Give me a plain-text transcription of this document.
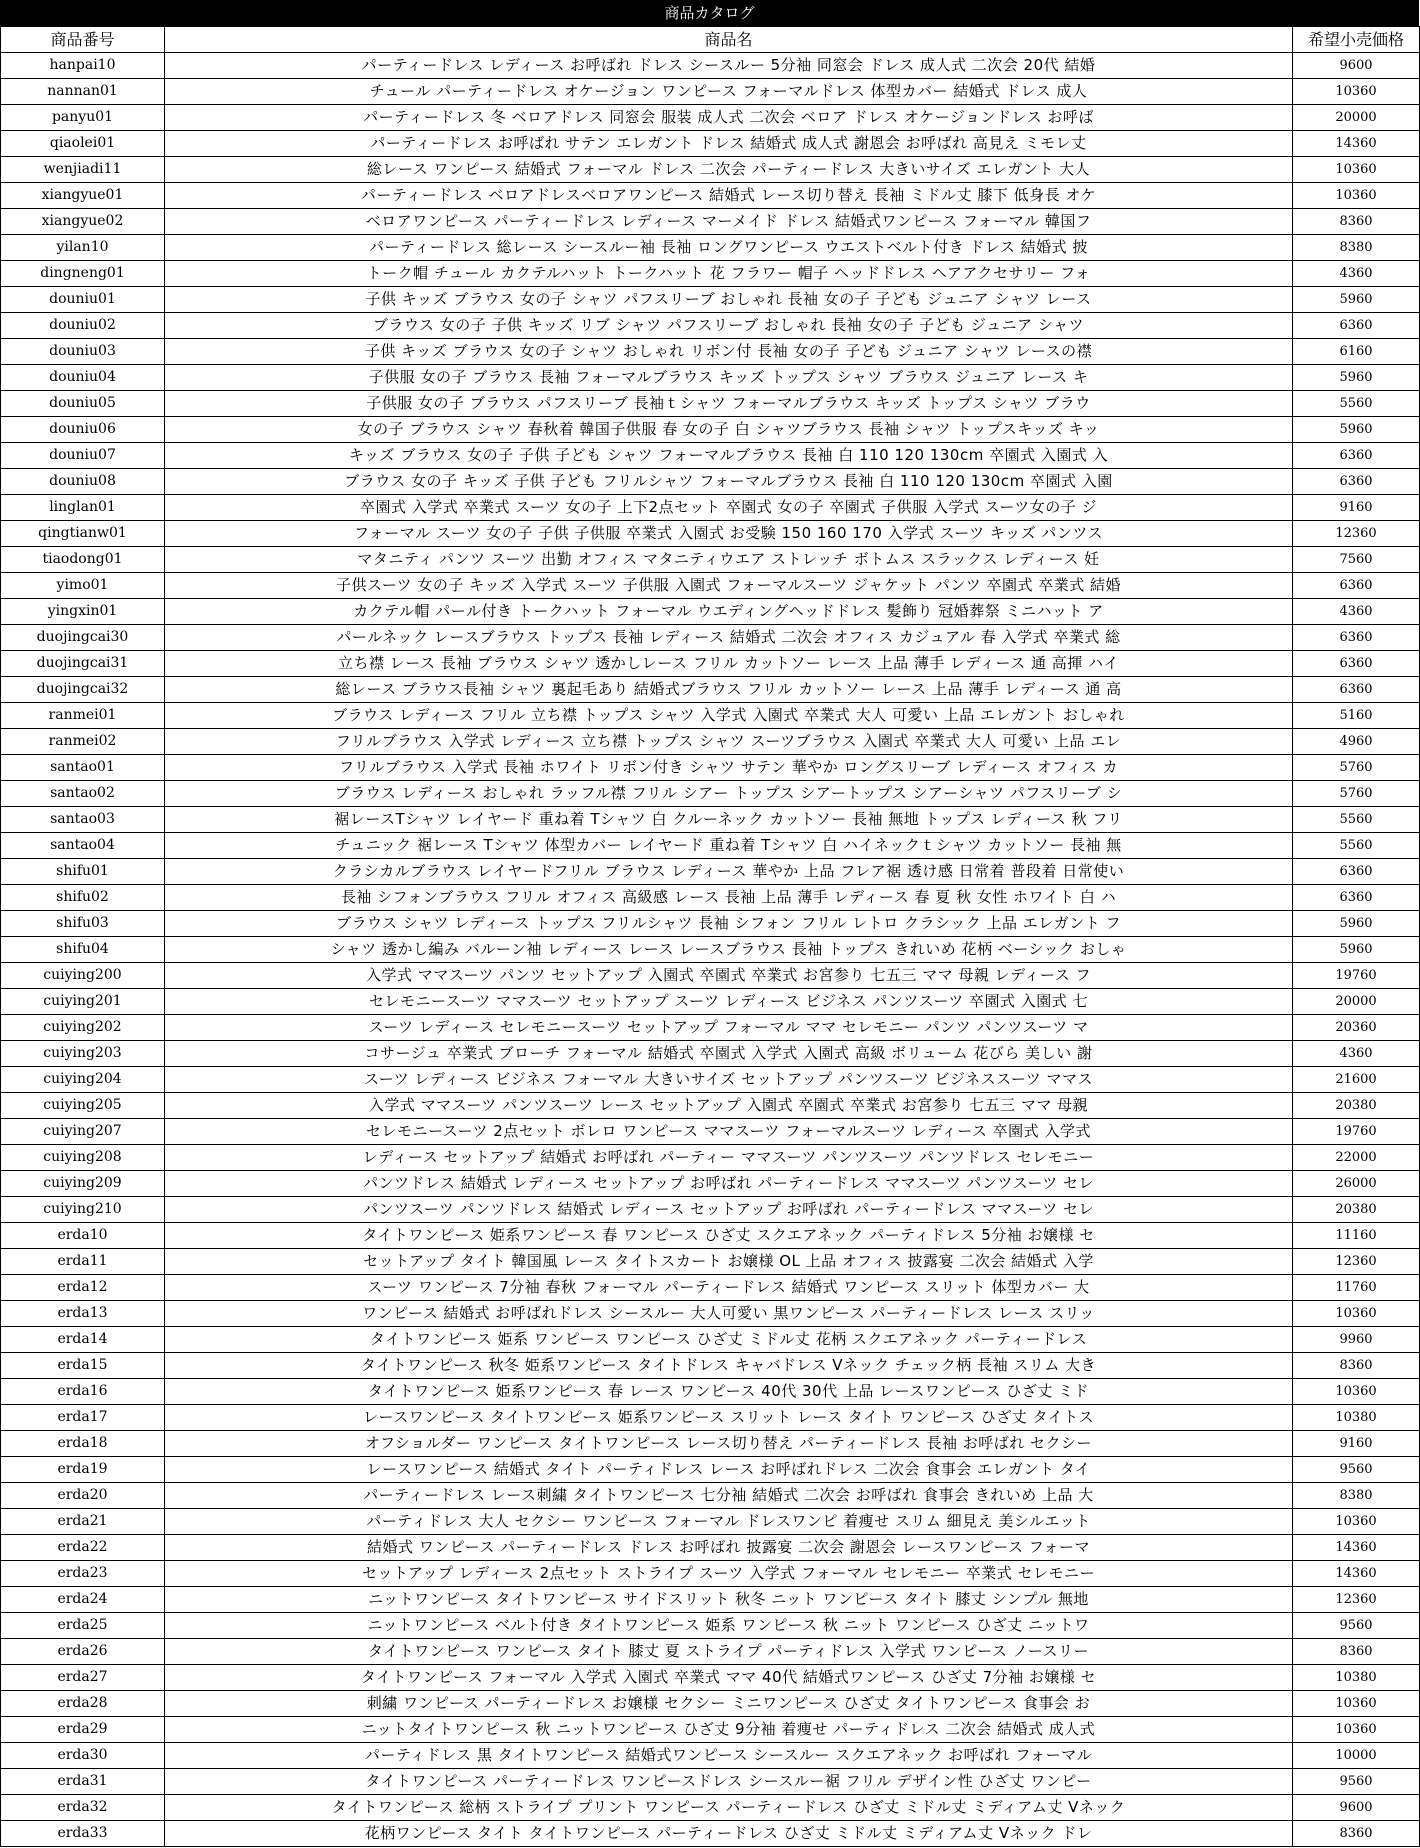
商品カタログ
商品番号	商品名	希望小売価格
hanpai10	パーティードレス レディース お呼ばれ ドレス シースルー 5分袖 同窓会 ドレス 成人式 二次会 20代 結婚	9600
nannan01	チュール パーティードレス オケージョン ワンピース フォーマルドレス 体型カバー 結婚式 ドレス 成人	10360
panyu01	パーティードレス 冬 ベロアドレス 同窓会 服装 成人式 二次会 ベロア ドレス オケージョンドレス お呼ば	20000
qiaolei01	パーティードレス お呼ばれ サテン エレガント ドレス 結婚式 成人式 謝恩会 お呼ばれ 高見え ミモレ丈	14360
wenjiadi11	総レース ワンピース 結婚式 フォーマル ドレス 二次会 パーティードレス 大きいサイズ エレガント 大人	10360
xiangyue01	パーティードレス ベロアドレスベロアワンピース 結婚式 レース切り替え 長袖 ミドル丈 膝下 低身長 オケ	10360
xiangyue02	ベロアワンピース パーティードレス レディース マーメイド ドレス 結婚式ワンピース フォーマル 韓国フ	8360
yilan10	パーティードレス 総レース シースルー袖 長袖 ロングワンピース ウエストベルト付き ドレス 結婚式 披	8380
dingneng01	トーク帽 チュール カクテルハット トークハット 花 フラワー 帽子 ヘッドドレス ヘアアクセサリー フォ	4360
douniu01	子供 キッズ ブラウス 女の子 シャツ パフスリーブ おしゃれ 長袖 女の子 子ども ジュニア シャツ レース	5960
douniu02	ブラウス 女の子 子供 キッズ リブ シャツ パフスリーブ おしゃれ 長袖 女の子 子ども ジュニア シャツ	6360
douniu03	子供 キッズ ブラウス 女の子 シャツ おしゃれ リボン付 長袖 女の子 子ども ジュニア シャツ レースの襟	6160
douniu04	子供服 女の子 ブラウス 長袖 フォーマルブラウス キッズ トップス シャツ ブラウス ジュニア レース キ	5960
douniu05	子供服 女の子 ブラウス パフスリーブ 長袖ｔシャツ フォーマルブラウス キッズ トップス シャツ ブラウ	5560
douniu06	女の子 ブラウス シャツ 春秋着 韓国子供服 春 女の子 白 シャツブラウス 長袖 シャツ トップスキッズ キッ	5960
douniu07	キッズ ブラウス 女の子 子供 子ども シャツ フォーマルブラウス 長袖 白 110 120 130cm 卒園式 入園式 入	6360
douniu08	ブラウス 女の子 キッズ 子供 子ども フリルシャツ フォーマルブラウス 長袖 白 110 120 130cm 卒園式 入園	6360
linglan01	卒園式 入学式 卒業式 スーツ 女の子 上下2点セット 卒園式 女の子 卒園式 子供服 入学式 スーツ女の子 ジ	9160
qingtianw01	フォーマル スーツ 女の子 子供 子供服 卒業式 入園式 お受験 150 160 170 入学式 スーツ キッズ パンツス	12360
tiaodong01	マタニティ パンツ スーツ 出勤 オフィス マタニティウエア ストレッチ ボトムス スラックス レディース 妊	7560
yimo01	子供スーツ 女の子 キッズ 入学式 スーツ 子供服 入園式 フォーマルスーツ ジャケット パンツ 卒園式 卒業式 結婚	6360
yingxin01	カクテル帽 パール付き トークハット フォーマル ウエディングヘッドドレス 髪飾り 冠婚葬祭 ミニハット ア	4360
duojingcai30	パールネック レースブラウス トップス 長袖 レディース 結婚式 二次会 オフィス カジュアル 春 入学式 卒業式 総	6360
duojingcai31	立ち襟 レース 長袖 ブラウス シャツ 透かしレース フリル カットソー レース 上品 薄手 レディース 通 高揮 ハイ	6360
duojingcai32	総レース ブラウス長袖 シャツ 裏起毛あり 結婚式ブラウス フリル カットソー レース 上品 薄手 レディース 通 高	6360
ranmei01	ブラウス レディース フリル 立ち襟 トップス シャツ 入学式 入園式 卒業式 大人 可愛い 上品 エレガント おしゃれ	5160
ranmei02	フリルブラウス 入学式 レディース 立ち襟 トップス シャツ スーツブラウス 入園式 卒業式 大人 可愛い 上品 エレ	4960
santao01	フリルブラウス 入学式 長袖 ホワイト リボン付き シャツ サテン 華やか ロングスリーブ レディース オフィス カ	5760
santao02	ブラウス レディース おしゃれ ラッフル襟 フリル シアー トップス シアートップス シアーシャツ パフスリーブ シ	5760
santao03	裾レースTシャツ レイヤード 重ね着 Tシャツ 白 クルーネック カットソー 長袖 無地 トップス レディース 秋 フリ	5560
santao04	チュニック 裾レース Tシャツ 体型カバー レイヤード 重ね着 Tシャツ 白 ハイネックｔシャツ カットソー 長袖 無	5560
shifu01	クラシカルブラウス レイヤードフリル ブラウス レディース 華やか 上品 フレア裾 透け感 日常着 普段着 日常使い	6360
shifu02	長袖 シフォンブラウス フリル オフィス 高級感 レース 長袖 上品 薄手 レディース 春 夏 秋 女性 ホワイト 白 ハ	6360
shifu03	ブラウス シャツ レディース トップス フリルシャツ 長袖 シフォン フリル レトロ クラシック 上品 エレガント フ	5960
shifu04	シャツ 透かし編み バルーン袖 レディース レース レースブラウス 長袖 トップス きれいめ 花柄 ベーシック おしゃ	5960
cuiying200	入学式 ママスーツ パンツ セットアップ 入園式 卒園式 卒業式 お宮参り 七五三 ママ 母親 レディース フ	19760
cuiying201	セレモニースーツ ママスーツ セットアップ スーツ レディース ビジネス パンツスーツ 卒園式 入園式 七	20000
cuiying202	スーツ レディース セレモニースーツ セットアップ フォーマル ママ セレモニー パンツ パンツスーツ マ	20360
cuiying203	コサージュ 卒業式 ブローチ フォーマル 結婚式 卒園式 入学式 入園式 高級 ボリューム 花びら 美しい 謝	4360
cuiying204	スーツ レディース ビジネス フォーマル 大きいサイズ セットアップ パンツスーツ ビジネススーツ ママス	21600
cuiying205	入学式 ママスーツ パンツスーツ レース セットアップ 入園式 卒園式 卒業式 お宮参り 七五三 ママ 母親	20380
cuiying207	セレモニースーツ 2点セット ボレロ ワンピース ママスーツ フォーマルスーツ レディース 卒園式 入学式	19760
cuiying208	レディース セットアップ 結婚式 お呼ばれ パーティー ママスーツ パンツスーツ パンツドレス セレモニー	22000
cuiying209	パンツドレス 結婚式 レディース セットアップ お呼ばれ パーティードレス ママスーツ パンツスーツ セレ	26000
cuiying210	パンツスーツ パンツドレス 結婚式 レディース セットアップ お呼ばれ パーティードレス ママスーツ セレ	20380
erda10	タイトワンピース 姫系ワンピース 春 ワンピース ひざ丈 スクエアネック パーティドレス 5分袖 お嬢様 セ	11160
erda11	セットアップ タイト 韓国風 レース タイトスカート お嬢様 OL 上品 オフィス 披露宴 二次会 結婚式 入学	12360
erda12	スーツ ワンピース 7分袖 春秋 フォーマル パーティードレス 結婚式 ワンピース スリット 体型カバー 大	11760
erda13	ワンピース 結婚式 お呼ばれドレス シースルー 大人可愛い 黒ワンピース パーティードレス レース スリッ	10360
erda14	タイトワンピース 姫系 ワンピース ワンピース ひざ丈 ミドル丈 花柄 スクエアネック パーティードレス	9960
erda15	タイトワンピース 秋冬 姫系ワンピース タイトドレス キャバドレス Vネック チェック柄 長袖 スリム 大き	8360
erda16	タイトワンピース 姫系ワンピース 春 レース ワンピース 40代 30代 上品 レースワンピース ひざ丈 ミド	10360
erda17	レースワンピース タイトワンピース 姫系ワンピース スリット レース タイト ワンピース ひざ丈 タイトス	10380
erda18	オフショルダー ワンピース タイトワンピース レース切り替え パーティードレス 長袖 お呼ばれ セクシー	9160
erda19	レースワンピース 結婚式 タイト パーティドレス レース お呼ばれドレス 二次会 食事会 エレガント タイ	9560
erda20	パーティードレス レース刺繍 タイトワンピース 七分袖 結婚式 二次会 お呼ばれ 食事会 きれいめ 上品 大	8380
erda21	パーティドレス 大人 セクシー ワンピース フォーマル ドレスワンピ 着痩せ スリム 細見え 美シルエット	10360
erda22	結婚式 ワンピース パーティードレス ドレス お呼ばれ 披露宴 二次会 謝恩会 レースワンピース フォーマ	14360
erda23	セットアップ レディース 2点セット ストライプ スーツ 入学式 フォーマル セレモニー 卒業式 セレモニー	14360
erda24	ニットワンピース タイトワンピース サイドスリット 秋冬 ニット ワンピース タイト 膝丈 シンプル 無地	12360
erda25	ニットワンピース ベルト付き タイトワンピース 姫系 ワンピース 秋 ニット ワンピース ひざ丈 ニットワ	9560
erda26	タイトワンピース ワンピース タイト 膝丈 夏 ストライプ パーティドレス 入学式 ワンピース ノースリー	8360
erda27	タイトワンピース フォーマル 入学式 入園式 卒業式 ママ 40代 結婚式ワンピース ひざ丈 7分袖 お嬢様 セ	10380
erda28	刺繍 ワンピース パーティードレス お嬢様 セクシー ミニワンピース ひざ丈 タイトワンピース 食事会 お	10360
erda29	ニットタイトワンピース 秋 ニットワンピース ひざ丈 9分袖 着痩せ パーティドレス 二次会 結婚式 成人式	10360
erda30	パーティドレス 黒 タイトワンピース 結婚式ワンピース シースルー スクエアネック お呼ばれ フォーマル	10000
erda31	タイトワンピース パーティードレス ワンピースドレス シースルー裾 フリル デザイン性 ひざ丈 ワンピー	9560
erda32	タイトワンピース 総柄 ストライプ プリント ワンピース パーティードレス ひざ丈 ミドル丈 ミディアム丈 Vネック	9600
erda33	花柄ワンピース タイト タイトワンピース パーティードレス ひざ丈 ミドル丈 ミディアム丈 Vネック ドレ	8360
